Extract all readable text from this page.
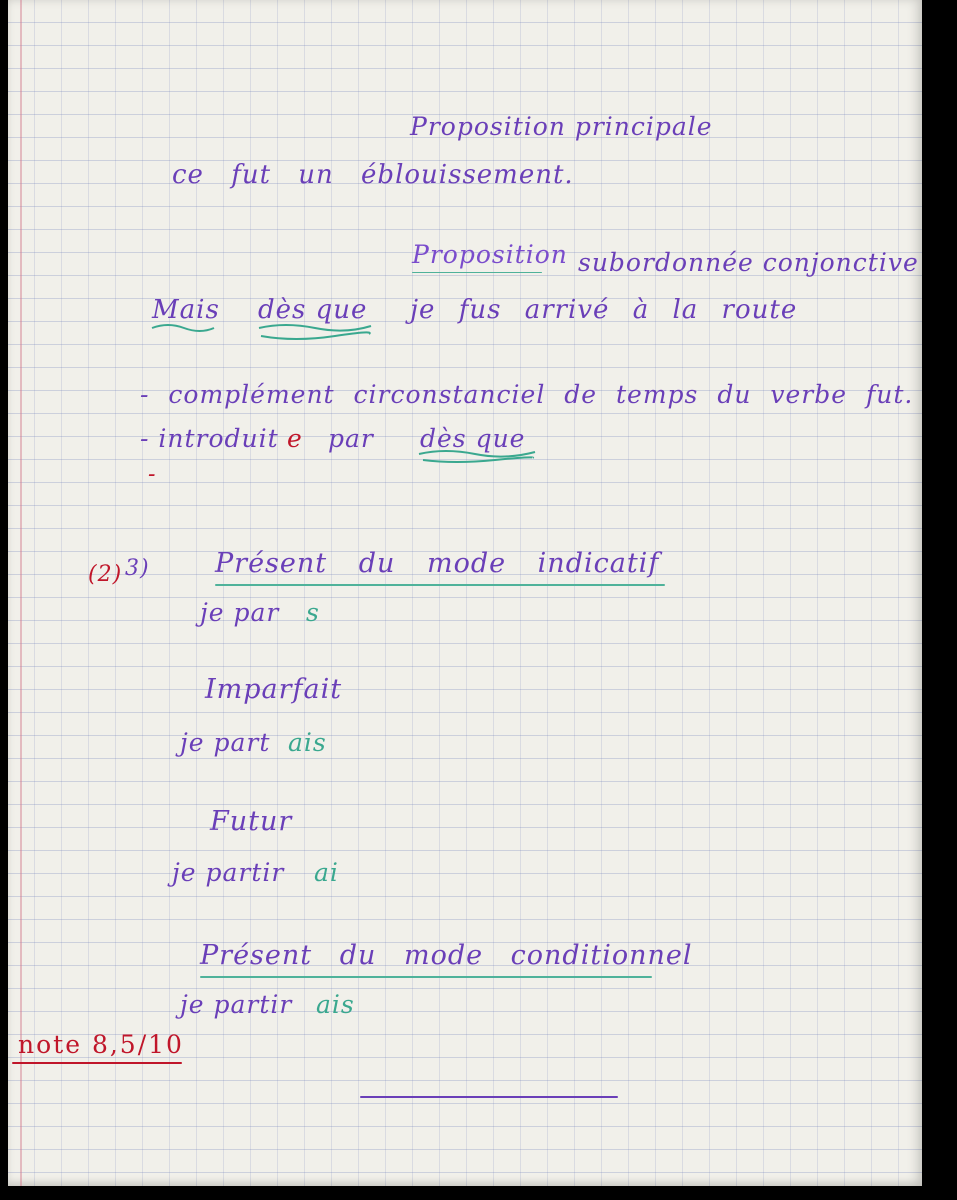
Proposition principale
ce fut un éblouissement.
Proposition subordonnée conjonctive
Mais dès que je fus arrivé à la route
- complément circonstanciel de temps du verbe fut.
- introduit e par dès que
-
(2) 3) Présent du mode indicatif
je par s
Imparfait
je part ais
Futur
je partir ai
Présent du mode conditionnel
je partir ais
note 8,5/10
